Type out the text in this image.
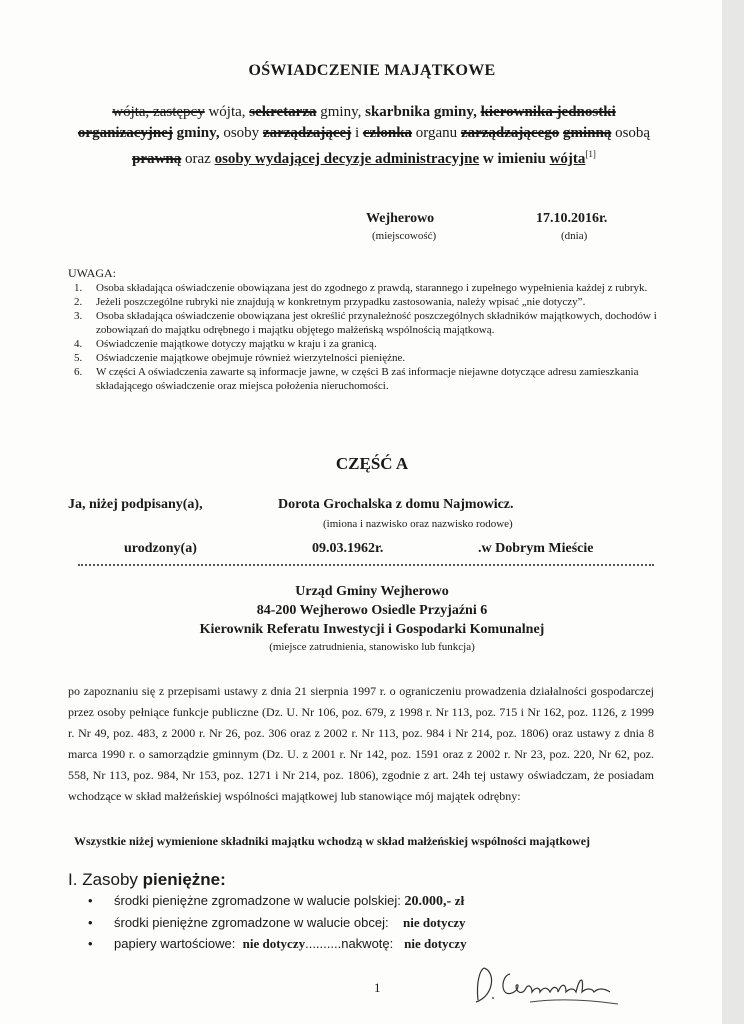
OŚWIADCZENIE MAJĄTKOWE
wójta, zastępcy wójta, sekretarza gminy, skarbnika gminy, kierownika jednostki organizacyjnej gminy, osoby zarządzającej i członka organu zarządzającego gminną osobą prawną oraz osoby wydającej decyzje administracyjne w imieniu wójta[1]
Wejherowo
(miejscowość)
17.10.2016r.
(dnia)
UWAGA:
1.	Osoba składająca oświadczenie obowiązana jest do zgodnego z prawdą, starannego i zupełnego wypełnienia każdej z rubryk.
2.	Jeżeli poszczególne rubryki nie znajdują w konkretnym przypadku zastosowania, należy wpisać „nie dotyczy”.
3.	Osoba składająca oświadczenie obowiązana jest określić przynależność poszczególnych składników majątkowych, dochodów i zobowiązań do majątku odrębnego i majątku objętego małżeńską wspólnością majątkową.
4.	Oświadczenie majątkowe dotyczy majątku w kraju i za granicą.
5.	Oświadczenie majątkowe obejmuje również wierzytelności pieniężne.
6.	W części A oświadczenia zawarte są informacje jawne, w części B zaś informacje niejawne dotyczące adresu zamieszkania składającego oświadczenie oraz miejsca położenia nieruchomości.
CZĘŚĆ A
Ja, niżej podpisany(a),	Dorota Grochalska z domu Najmowicz.
(imiona i nazwisko oraz nazwisko rodowe)
urodzony(a)	09.03.1962r.	.w Dobrym Mieście
Urząd Gminy Wejherowo
84-200 Wejherowo Osiedle Przyjaźni 6
Kierownik Referatu Inwestycji i Gospodarki Komunalnej
(miejsce zatrudnienia, stanowisko lub funkcja)
po zapoznaniu się z przepisami ustawy z dnia 21 sierpnia 1997 r. o ograniczeniu prowadzenia działalności gospodarczej przez osoby pełniące funkcje publiczne (Dz. U. Nr 106, poz. 679, z 1998 r. Nr 113, poz. 715 i Nr 162, poz. 1126, z 1999 r. Nr 49, poz. 483, z 2000 r. Nr 26, poz. 306 oraz z 2002 r. Nr 113, poz. 984 i Nr 214, poz. 1806) oraz ustawy z dnia 8 marca 1990 r. o samorządzie gminnym (Dz. U. z 2001 r. Nr 142, poz. 1591 oraz z 2002 r. Nr 23, poz. 220, Nr 62, poz. 558, Nr 113, poz. 984, Nr 153, poz. 1271 i Nr 214, poz. 1806), zgodnie z art. 24h tej ustawy oświadczam, że posiadam wchodzące w skład małżeńskiej wspólności majątkowej lub stanowiące mój majątek odrębny:
Wszystkie niżej wymienione składniki majątku wchodzą w skład małżeńskiej wspólności majątkowej
I. Zasoby pieniężne:
•	środki pieniężne zgromadzone w walucie polskiej: 20.000,- zł
•	środki pieniężne zgromadzone w walucie obcej: nie dotyczy
•	papiery wartościowe: nie dotyczy..........nakwotę: nie dotyczy
1
